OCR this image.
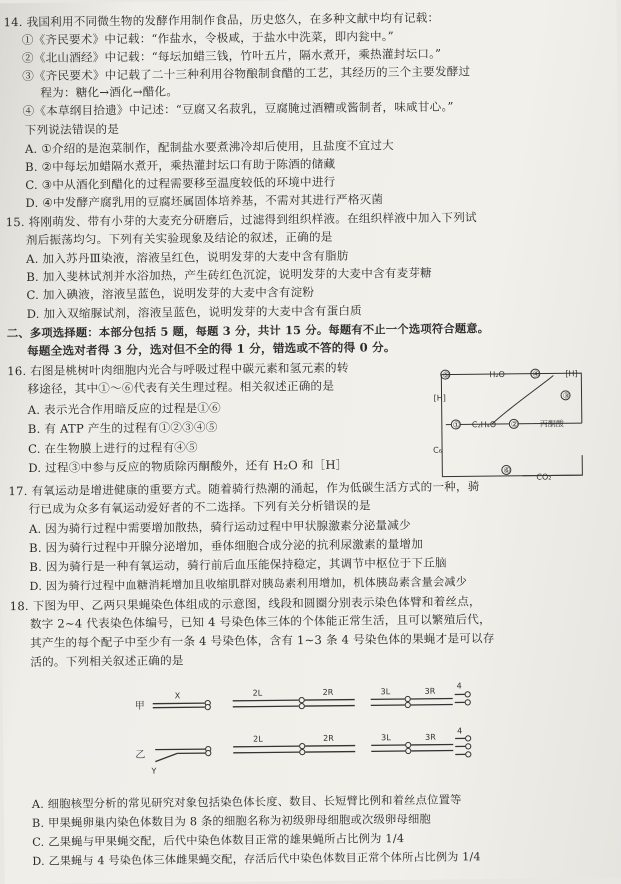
14. 我国利用不同微生物的发酵作用制作食品，历史悠久，在多种文献中均有记载：
①《齐民要术》中记载：“作盐水，令极咸，于盐水中洗菜，即内瓮中。”
②《北山酒经》中记载：“每坛加蜡三钱，竹叶五片，隔水煮开，乘热灌封坛口。”
③《齐民要术》中记载了二十三种利用谷物酿制食醋的工艺，其经历的三个主要发酵过
程为：糖化→酒化→醋化。
④《本草纲目拾遗》中记述：“豆腐又名菽乳，豆腐腌过酒糟或酱制者，味咸甘心。”
下列说法错误的是
A. ①介绍的是泡菜制作，配制盐水要煮沸冷却后使用，且盐度不宜过大
B. ②中每坛加蜡隔水煮开，乘热灌封坛口有助于陈酒的储藏
C. ③中从酒化到醋化的过程需要移至温度较低的环境中进行
D. ④中发酵产腐乳用的豆腐坯属固体培养基，不需对其进行严格灭菌
15. 将刚萌发、带有小芽的大麦充分研磨后，过滤得到组织样液。在组织样液中加入下列试
剂后振荡均匀。下列有关实验现象及结论的叙述，正确的是
A. 加入苏丹Ⅲ染液，溶液呈红色，说明发芽的大麦中含有脂肪
B. 加入斐林试剂并水浴加热，产生砖红色沉淀，说明发芽的大麦中含有麦芽糖
C. 加入碘液，溶液呈蓝色，说明发芽的大麦中含有淀粉
D. 加入双缩脲试剂，溶液呈蓝色，说明发芽的大麦中含有蛋白质
二、多项选择题：本部分包括 5 题，每题 3 分，共计 15 分。每题有不止一个选项符合题意。
每题全选对者得 3 分，选对但不全的得 1 分，错选或不答的得 0 分。
16. 右图是桃树叶肉细胞内光合与呼吸过程中碳元素和氢元素的转
移途径，其中①～⑥代表有关生理过程。相关叙述正确的是
A. 表示光合作用暗反应的过程是①⑥
B. 有 ATP 产生的过程有①②③④⑤
C. 在生物膜上进行的过程有④⑤
D. 过程③中参与反应的物质除丙酮酸外，还有 H₂O 和［H］
⑤	H₂O	④	[H]
[H]
① C₂H₄O ②	丙酮酸
③
C₆
⑥
CO₂
17. 有氧运动是增进健康的重要方式。随着骑行热潮的涌起，作为低碳生活方式的一种，骑
行已成为众多有氧运动爱好者的不二选择。下列有关分析错误的是
A. 因为骑行过程中需要增加散热，骑行运动过程中甲状腺激素分泌量减少
B. 因为骑行过程中开腺分泌增加，垂体细胞合成分泌的抗利尿激素的量增加
B. 因为骑行是一种有氧运动，骑行前后血压能保持稳定，其调节中枢位于下丘脑
D. 因为骑行过程中血糖消耗增加且收缩肌群对胰岛素利用增加，机体胰岛素含量会减少
18. 下图为甲、乙两只果蝇染色体组成的示意图，线段和圆圈分别表示染色体臂和着丝点，
数字 2~4 代表染色体编号，已知 4 号染色体三体的个体能正常生活，且可以繁殖后代，
其产生的每个配子中至少有一条 4 号染色体，含有 1~3 条 4 号染色体的果蝇才是可以存
活的。下列相关叙述正确的是
甲
乙
X
Y
2L	2R	3L	3R
2L	2R	3L	3R
4
4
A. 细胞核型分析的常见研究对象包括染色体长度、数目、长短臂比例和着丝点位置等
B. 甲果蝇卵巢内染色体数目为 8 条的细胞名称为初级卵母细胞或次级卵母细胞
C. 乙果蝇与甲果蝇交配，后代中染色体数目正常的雄果蝇所占比例为 1/4
D. 乙果蝇与 4 号染色体三体雌果蝇交配，存活后代中染色体数目正常个体所占比例为 1/4
